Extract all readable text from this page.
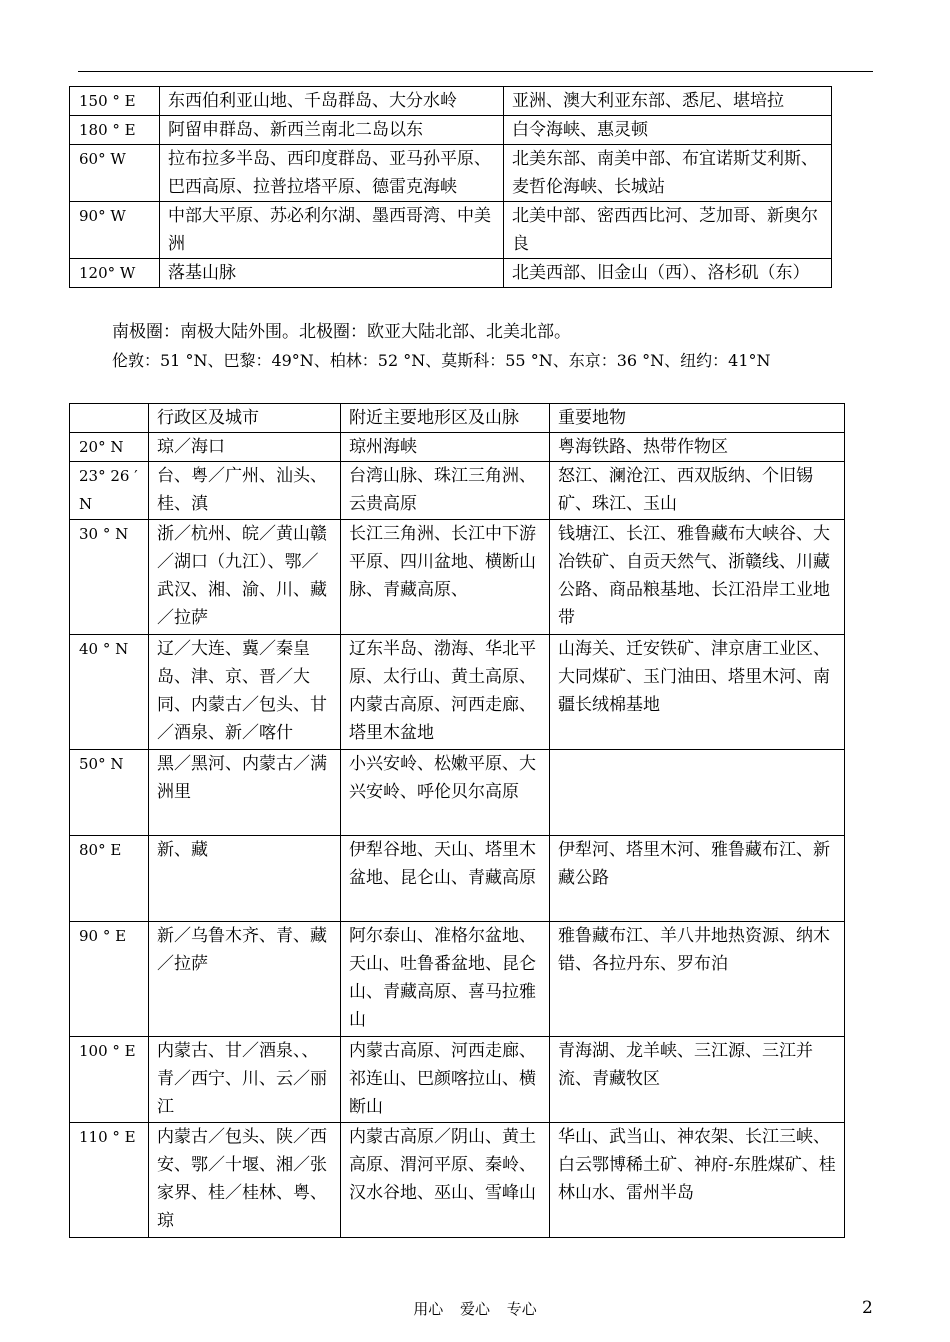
150 ° E	东西伯利亚山地、千岛群岛、大分水岭	亚洲、澳大利亚东部、悉尼、堪培拉
180 ° E	阿留申群岛、新西兰南北二岛以东	白令海峡、惠灵顿
60° W	拉布拉多半岛、西印度群岛、亚马孙平原、巴西高原、拉普拉塔平原、德雷克海峡	北美东部、南美中部、布宜诺斯艾利斯、麦哲伦海峡、长城站
90° W	中部大平原、苏必利尔湖、墨西哥湾、中美洲	北美中部、密西西比河、芝加哥、新奥尔良
120° W	落基山脉	北美西部、旧金山（西）、洛杉矶（东）
南极圈：南极大陆外围。北极圈：欧亚大陆北部、北美北部。
伦敦：51 °N、巴黎：49°N、柏林：52 °N、莫斯科：55 °N、东京：36 °N、纽约：41°N
	行政区及城市	附近主要地形区及山脉	重要地物
20° N	琼／海口	琼州海峡	粤海铁路、热带作物区
23° 26 ′N	台、粤／广州、汕头、桂、滇	台湾山脉、珠江三角洲、云贵高原	怒江、澜沧江、西双版纳、个旧锡矿、珠江、玉山
30 ° N	浙／杭州、皖／黄山赣／湖口（九江）、鄂／武汉、湘、渝、川、藏／拉萨	长江三角洲、长江中下游平原、四川盆地、横断山脉、青藏高原、	钱塘江、长江、雅鲁藏布大峡谷、大冶铁矿、自贡天然气、浙赣线、川藏公路、商品粮基地、长江沿岸工业地带
40 ° N	辽／大连、冀／秦皇岛、津、京、晋／大同、内蒙古／包头、甘／酒泉、新／喀什	辽东半岛、渤海、华北平原、太行山、黄土高原、内蒙古高原、河西走廊、塔里木盆地	山海关、迁安铁矿、津京唐工业区、大同煤矿、玉门油田、塔里木河、南疆长绒棉基地
50° N	黑／黑河、内蒙古／满洲里	小兴安岭、松嫩平原、大兴安岭、呼伦贝尔高原	
80° E	新、藏	伊犁谷地、天山、塔里木盆地、昆仑山、青藏高原	伊犁河、塔里木河、雅鲁藏布江、新藏公路
90 ° E	新／乌鲁木齐、青、藏／拉萨	阿尔泰山、准格尔盆地、天山、吐鲁番盆地、昆仑山、青藏高原、喜马拉雅山	雅鲁藏布江、羊八井地热资源、纳木错、各拉丹东、罗布泊
100 ° E	内蒙古、甘／酒泉、、青／西宁、川、云／丽江	内蒙古高原、河西走廊、祁连山、巴颜喀拉山、横断山	青海湖、龙羊峡、三江源、三江并流、青藏牧区
110 ° E	内蒙古／包头、陕／西安、鄂／十堰、湘／张家界、桂／桂林、粤、琼	内蒙古高原／阴山、黄土高原、渭河平原、秦岭、汉水谷地、巫山、雪峰山	华山、武当山、神农架、长江三峡、白云鄂博稀土矿、神府-东胜煤矿、桂林山水、雷州半岛
用心 爱心 专心	2
